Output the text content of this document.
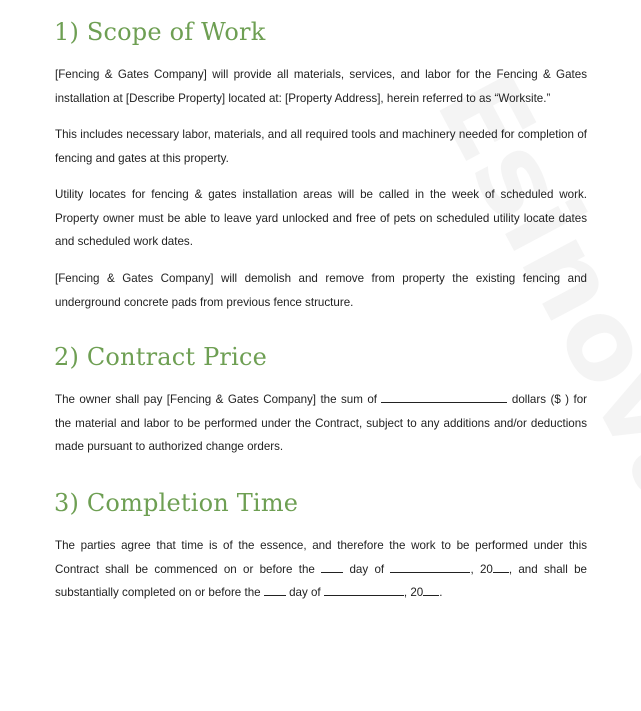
1) Scope of Work

[Fencing & Gates Company] will provide all materials, services, and labor for the Fencing & Gates installation at [Describe Property] located at: [Property Address], herein referred to as “Worksite.”

This includes necessary labor, materials, and all required tools and machinery needed for completion of fencing and gates at this property.

Utility locates for fencing & gates installation areas will be called in the week of scheduled work. Property owner must be able to leave yard unlocked and free of pets on scheduled utility locate dates and scheduled work dates.

[Fencing & Gates Company] will demolish and remove from property the existing fencing and underground concrete pads from previous fence structure.

2) Contract Price

The owner shall pay [Fencing & Gates Company] the sum of	dollars ($ ) for the material and labor to be performed under the Contract, subject to any additions and/or deductions made pursuant to authorized change orders.

3) Completion Time

The parties agree that time is of the essence, and therefore the work to be performed under this Contract shall be commenced on or before the	day of	, 20 , and shall be substantially completed on or before the day of	, 20 .
